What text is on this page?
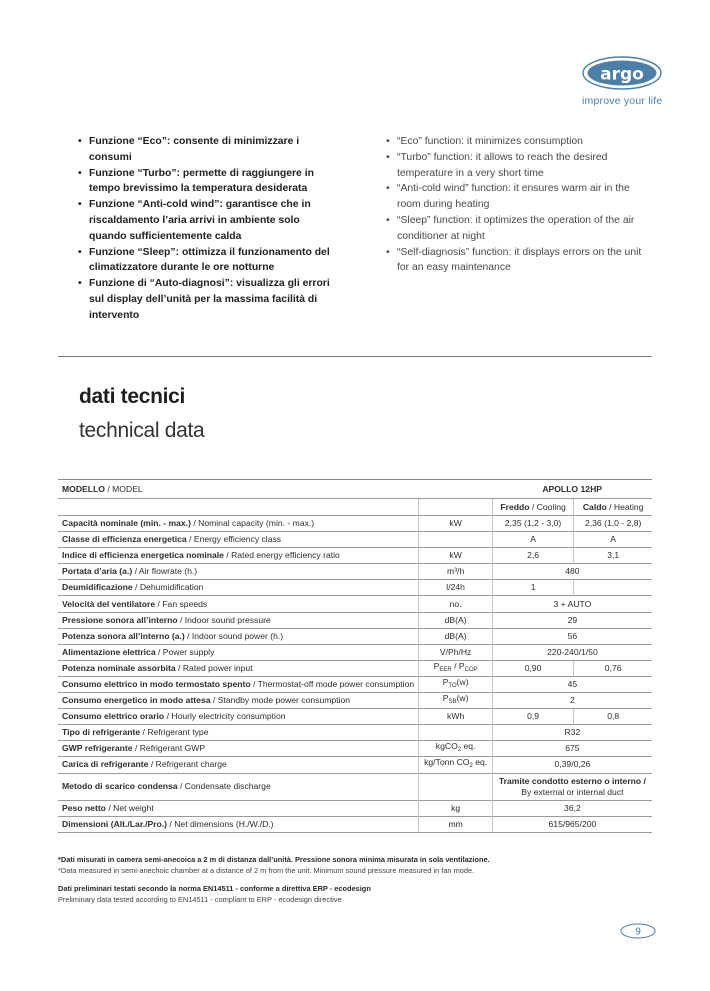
argo
improve your life
• Funzione “Eco”: consente di minimizzare i consumi
• Funzione “Turbo”: permette di raggiungere in tempo brevissimo la temperatura desiderata
• Funzione “Anti-cold wind”: garantisce che in riscaldamento l’aria arrivi in ambiente solo quando sufficientemente calda
• Funzione “Sleep”: ottimizza il funzionamento del climatizzatore durante le ore notturne
• Funzione di “Auto-diagnosi”: visualizza gli errori sul display dell’unità per la massima facilità di intervento
• “Eco” function: it minimizes consumption
• “Turbo” function: it allows to reach the desired temperature in a very short time
• “Anti-cold wind” function: it ensures warm air in the room during heating
• “Sleep” function: it optimizes the operation of the air conditioner at night
• “Self-diagnosis” function: it displays errors on the unit for an easy maintenance
dati tecnici
technical data
MODELLO / MODEL		APOLLO 12HP	
		Freddo / Cooling	Caldo / Heating
Capacità nominale (min. - max.) / Nominal capacity (min. - max.)	kW	2,35 (1,2 - 3,0)	2,36 (1,0 - 2,8)
Classe di efficienza energetica / Energy efficiency class		A	A
Indice di efficienza energetica nominale / Rated energy efficiency ratio	kW	2,6	3,1
Portata d’aria (a.) / Air flowrate (h.)	m³/h	480	
Deumidificazione / Dehumidification	l/24h	1	
Velocità del ventilatore / Fan speeds	no.	3 + AUTO	
Pressione sonora all’interno / Indoor sound pressure	dB(A)	29	
Potenza sonora all’interno (a.) / Indoor sound power (h.)	dB(A)	56	
Alimentazione elettrica / Power supply	V/Ph/Hz	220-240/1/50	
Potenza nominale assorbita / Rated power input	$P_{EER} / P_{COP}$	0,90	0,76
Consumo elettrico in modo termostato spento / Thermostat-off mode power consumption	$P_{TO}(w)$	45	
Consumo energetico in modo attesa / Standby mode power consumption	$P_{SB}(w)$	2	
Consumo elettrico orario / Hourly electricity consumption	kWh	0,9	0,8
Tipo di refrigerante / Refrigerant type		R32	
GWP refrigerante / Refrigerant GWP	kgCO$_2$ eq.	675	
Carica di refrigerante / Refrigerant charge	kg/Tonn $CO_2$ eq.	0,39/0,26	
Metodo di scarico condensa / Condensate discharge		Tramite condotto esterno o interno /
By external or internal duct	
Peso netto / Net weight	kg	36,2	
Dimensioni (Alt./Lar./Pro.) / Net dimensions (H./W./D.)	mm	615/965/200	
*Dati misurati in camera semi-anecoica a 2 m di distanza dall’unità. Pressione sonora minima misurata in sola ventilazione.
*Data measured in semi-anechoic chamber at a distance of 2 m from the unit. Minimum sound pressure measured in fan mode.
Dati preliminari testati secondo la norma EN14511 - conforme a direttiva ERP - ecodesign
Preliminary data tested according to EN14511 - compliant to ERP - ecodesign directive
9
